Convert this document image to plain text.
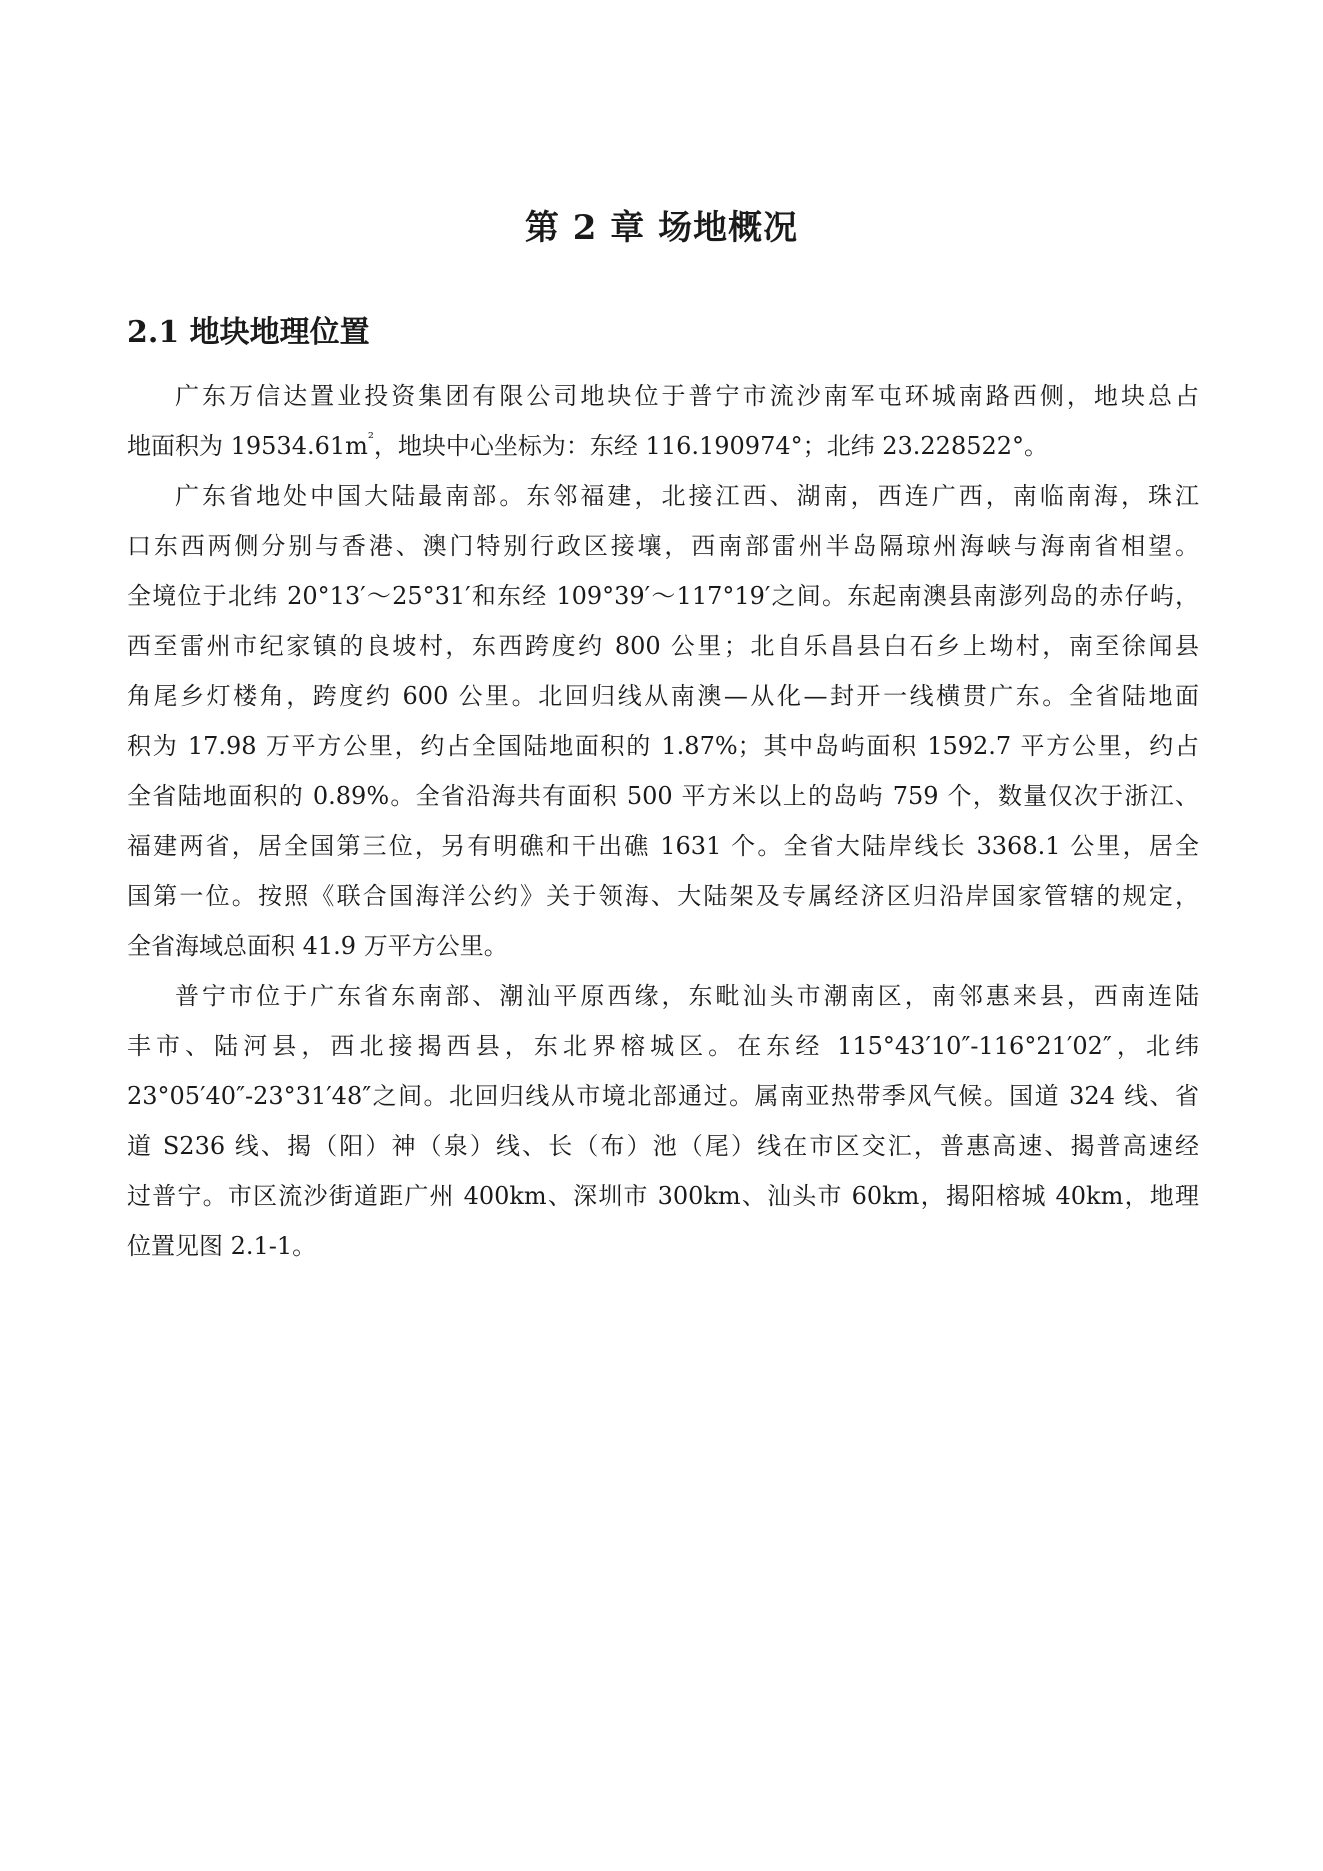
第 2 章 场地概况
2.1 地块地理位置

广东万信达置业投资集团有限公司地块位于普宁市流沙南军屯环城南路西侧，地块总占
地面积为 $19534.61m^{^2}$，地块中心坐标为：东经 116.190974°；北纬 23.228522°。

广东省地处中国大陆最南部。东邻福建，北接江西、湖南，西连广西，南临南海，珠江
口东西两侧分别与香港、澳门特别行政区接壤，西南部雷州半岛隔琼州海峡与海南省相望。
全境位于北纬 20°13′～25°31′和东经 109°39′～117°19′之间。东起南澳县南澎列岛的赤仔屿，
西至雷州市纪家镇的良坡村，东西跨度约 800 公里；北自乐昌县白石乡上坳村，南至徐闻县
角尾乡灯楼角，跨度约 600 公里。北回归线从南澳—从化—封开一线横贯广东。全省陆地面
积为 17.98 万平方公里，约占全国陆地面积的 1.87%；其中岛屿面积 1592.7 平方公里，约占
全省陆地面积的 0.89%。全省沿海共有面积 500 平方米以上的岛屿 759 个，数量仅次于浙江、
福建两省，居全国第三位，另有明礁和干出礁 1631 个。全省大陆岸线长 3368.1 公里，居全
国第一位。按照《联合国海洋公约》关于领海、大陆架及专属经济区归沿岸国家管辖的规定，
全省海域总面积 41.9 万平方公里。

普宁市位于广东省东南部、潮汕平原西缘，东毗汕头市潮南区，南邻惠来县，西南连陆
丰市、陆河县，西北接揭西县，东北界榕城区。在东经 115°43′10″-116°21′02″，北纬
23°05′40″-23°31′48″之间。北回归线从市境北部通过。属南亚热带季风气候。国道 324 线、省
道 S236 线、揭（阳）神（泉）线、长（布）池（尾）线在市区交汇，普惠高速、揭普高速经
过普宁。市区流沙街道距广州 400km、深圳市 300km、汕头市 60km，揭阳榕城 40km，地理
位置见图 2.1-1。
